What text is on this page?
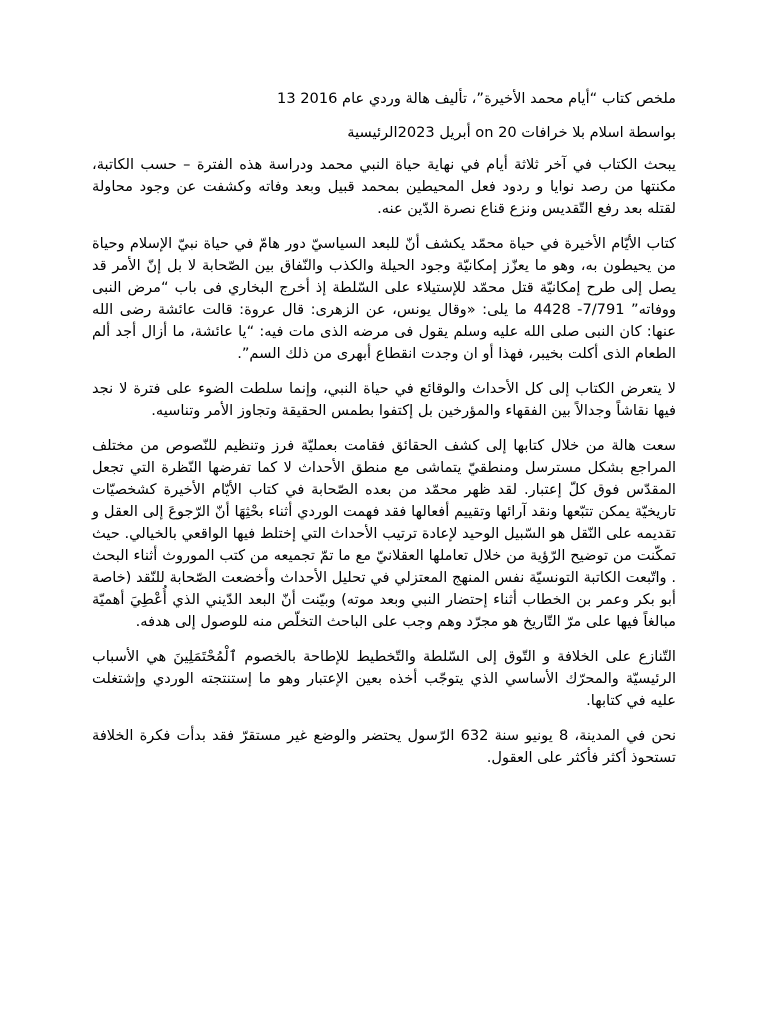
ملخص كتاب “أيام محمد الأخيرة”، تأليف هالة وردي عام 2016 13

بواسطة اسلام بلا خرافات on 20 أبريل 2023الرئيسية

يبحث الكتاب في آخر ثلاثة أيام في نهاية حياة النبي محمد ودراسة هذه الفترة – حسب الكاتبة، مكنتها من رصد نوايا و ردود فعل المحيطين بمحمد قبيل وبعد وفاته وكشفت عن وجود محاولة لقتله بعد رفع التّقديس ونزع قناع نصرة الدّين عنه.

كتاب الأيّام الأخيرة في حياة محمّد يكشف أنّ للبعد السياسيّ دور هامّ في حياة نبيّ الإسلام وحياة من يحيطون به، وهو ما يعزّز إمكانيّة وجود الحيلة والكذب والنّفاق بين الصّحابة لا بل إنّ الأمر قد يصل إلى طرح إمكانيّة قتل محمّد للإستيلاء على السّلطة إذ أخرج البخاري فى باب “مرض النبى ووفاته” 7/791- 4428 ما يلى: «وقال يونس، عن الزهرى: قال عروة: قالت عائشة رضى الله عنها: كان النبى صلى الله عليه وسلم يقول فى مرضه الذى مات فيه: “يا عائشة، ما أزال أجد ألم الطعام الذى أكلت بخيبر، فهذا أو ان وجدت انقطاع أبهرى من ذلك السم”.

لا يتعرض الكتاب إلى كل الأحداث والوقائع في حياة النبي، وإنما سلطت الضوء على فترة لا نجد فيها نقاشاً وجدالاً بين الفقهاء والمؤرخين بل إكتفوا بطمس الحقيقة وتجاوز الأمر وتناسيه.

سعت هالة من خلال كتابها إلى كشف الحقائق فقامت بعمليّة فرز وتنظيم للنّصوص من مختلف المراجع بشكل مسترسل ومنطقيّ يتماشى مع منطق الأحداث لا كما تفرضها النّظرة التي تجعل المقدّس فوق كلّ إعتبار. لقد ظهر محمّد من بعده الصّحابة في كتاب الأيّام الأخيرة كشخصيّات تاريخيّة يمكن تتبّعها ونقد آرائها وتقييم أفعالها فقد فهمت الوردي أثناء بحْثِهَا أنّ الرّجوعَ إلى العقل و تقديمه على النّقل هو السّبيل الوحيد لإعادة ترتيب الأحداث التي إختلط فيها الواقعي بالخيالي. حيث تمكّنت من توضيح الرّؤية من خلال تعاملها العقلانيّ مع ما تمّ تجميعه من كتب الموروث أثناء البحث . واتّبعت الكاتبة التونسيّة نفس المنهج المعتزلي في تحليل الأحداث وأخضعت الصّحابة للنّقد (خاصة أبو بكر وعمر بن الخطاب أثناء إحتضار النبي وبعد موته) وبيّنت أنّ البعد الدّيني الذي أُعْطِيَ أهميّة مبالغاً فيها على مرّ التّاريخ هو مجرّد وهم وجب على الباحث التخلّص منه للوصول إلى هدفه.

التّنازع على الخلافة و التّوق إلى السّلطة والتّخطيط للإطاحة بالخصوم ٱلْمُحْتَمَلِينَ هي الأسباب الرئيسيّة والمحرّك الأساسي الذي يتوجّب أخذه بعين الإعتبار وهو ما إستنتجته الوردي وإشتغلت عليه في كتابها.

نحن في المدينة، 8 يونيو سنة 632 الرّسول يحتضر والوضع غير مستقرّ فقد بدأت فكرة الخلافة تستحوذ أكثر فأكثر على العقول.
